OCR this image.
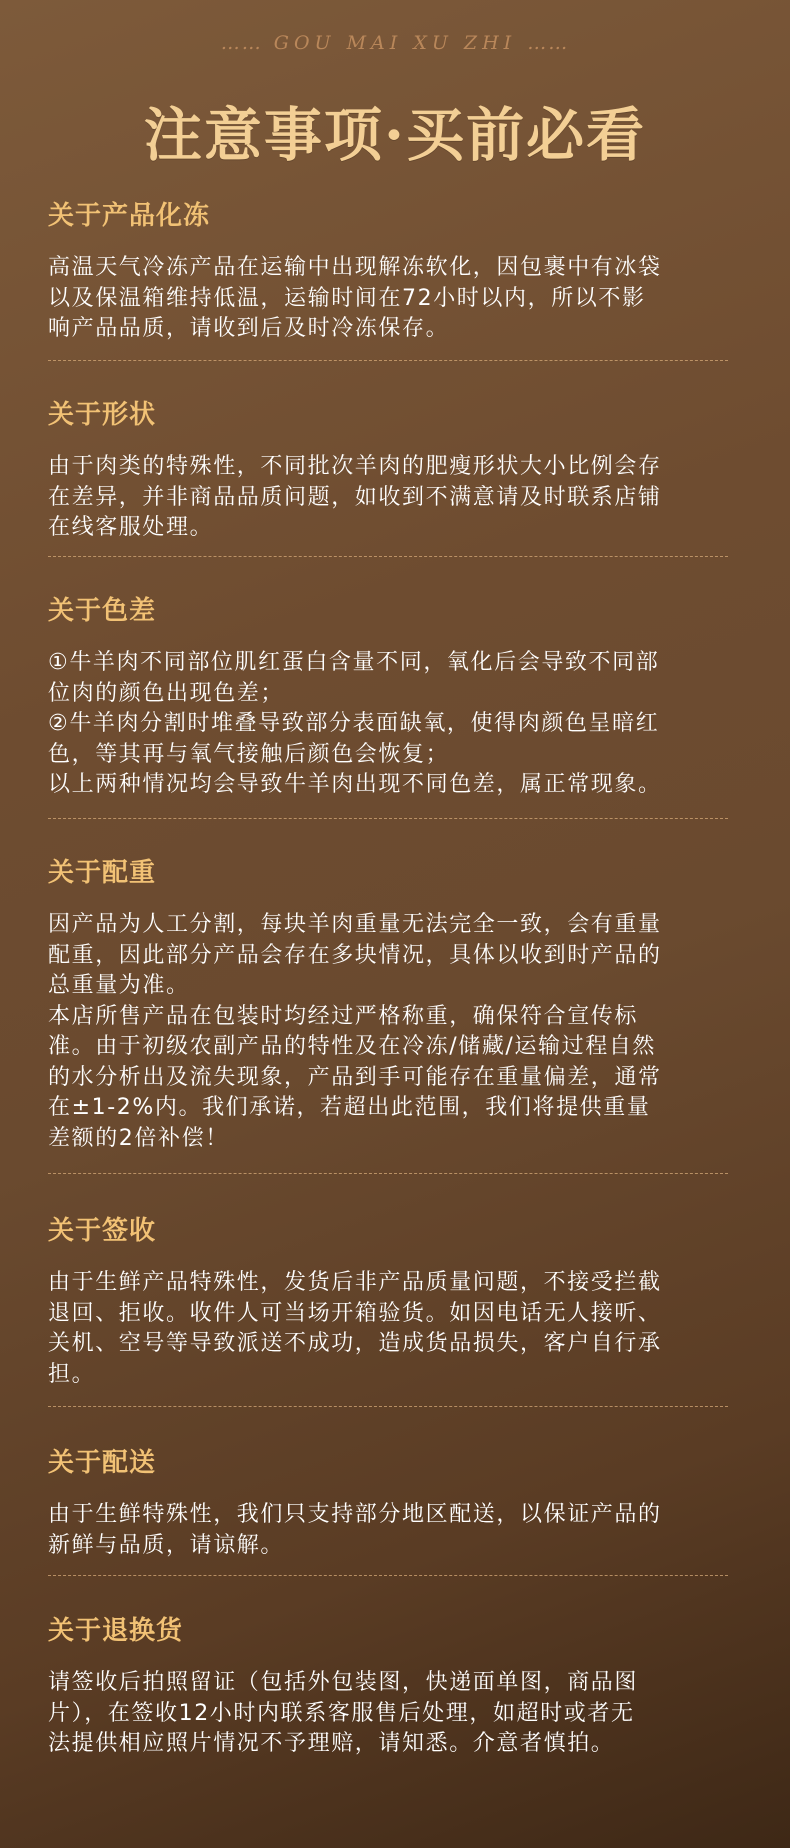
…… GOU MAI XU ZHI ……
注意事项·买前必看
关于产品化冻
高温天气冷冻产品在运输中出现解冻软化，因包裹中有冰袋
以及保温箱维持低温，运输时间在72小时以内，所以不影
响产品品质，请收到后及时冷冻保存。
关于形状
由于肉类的特殊性，不同批次羊肉的肥瘦形状大小比例会存
在差异，并非商品品质问题，如收到不满意请及时联系店铺
在线客服处理。
关于色差
①牛羊肉不同部位肌红蛋白含量不同，氧化后会导致不同部
位肉的颜色出现色差；
②牛羊肉分割时堆叠导致部分表面缺氧，使得肉颜色呈暗红
色，等其再与氧气接触后颜色会恢复；
以上两种情况均会导致牛羊肉出现不同色差，属正常现象。
关于配重
因产品为人工分割，每块羊肉重量无法完全一致，会有重量
配重，因此部分产品会存在多块情况，具体以收到时产品的
总重量为准。
本店所售产品在包装时均经过严格称重，确保符合宣传标
准。由于初级农副产品的特性及在冷冻/储藏/运输过程自然
的水分析出及流失现象，产品到手可能存在重量偏差，通常
在±1-2%内。我们承诺，若超出此范围，我们将提供重量
差额的2倍补偿！
关于签收
由于生鲜产品特殊性，发货后非产品质量问题，不接受拦截
退回、拒收。收件人可当场开箱验货。如因电话无人接听、
关机、空号等导致派送不成功，造成货品损失，客户自行承
担。
关于配送
由于生鲜特殊性，我们只支持部分地区配送，以保证产品的
新鲜与品质，请谅解。
关于退换货
请签收后拍照留证（包括外包装图，快递面单图，商品图
片），在签收12小时内联系客服售后处理，如超时或者无
法提供相应照片情况不予理赔，请知悉。介意者慎拍。
